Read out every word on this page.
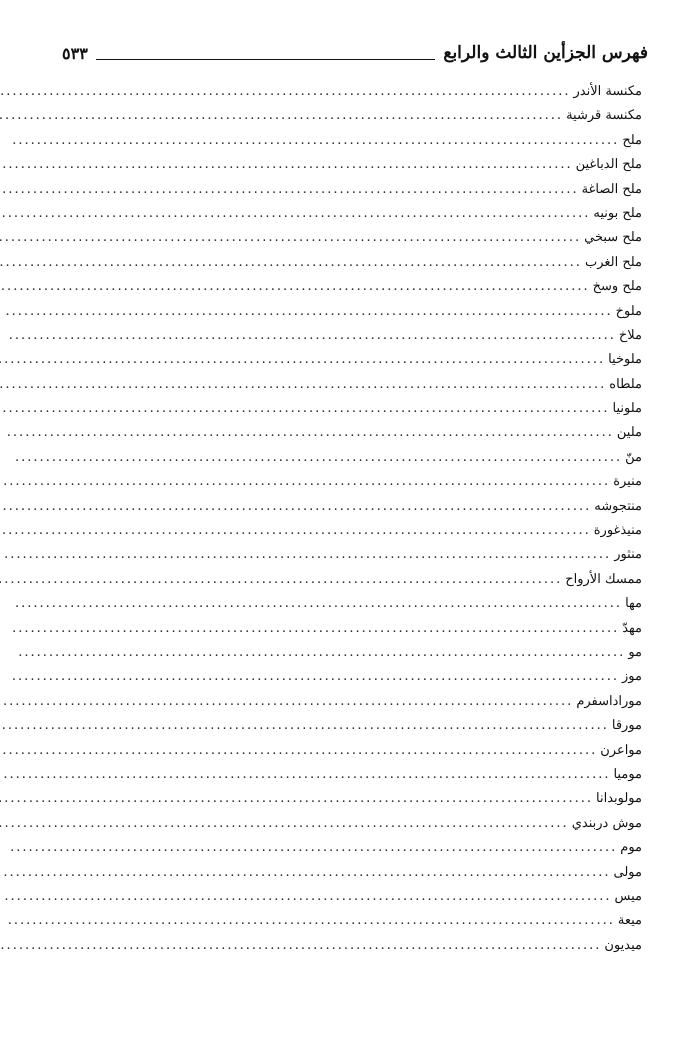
فهرس الجزأين الثالث والرابع
٥٣٣
مكنسة الأندر
.....
مكنسة قرشية
.....
ملح
.....
ملح الدباغين
.....
ملح الصاغة
.....
ملح بونيه
.....
ملح سبخي
.....
ملح الغرب
.....
ملح وسخ
.....
ملوخ
.....
ملاخ
.....
ملوخيا
.....
ملطاه
.....
ملونيا
.....
ملين
.....
منّ
.....
منيرة
.....
منتجوشه
.....
منيذغورة
.....
منثور
.....
ممسك الأرواح
.....
مها
.....
مهدّ
.....
مو
.....
موز
.....
موراداسفرم
.....
مورقا
.....
مواعرن
.....
موميا
.....
مولوبدانا
.....
موش دربندي
.....
موم
.....
مولى
.....
ميس
.....
ميعة
.....
ميديون
.....
